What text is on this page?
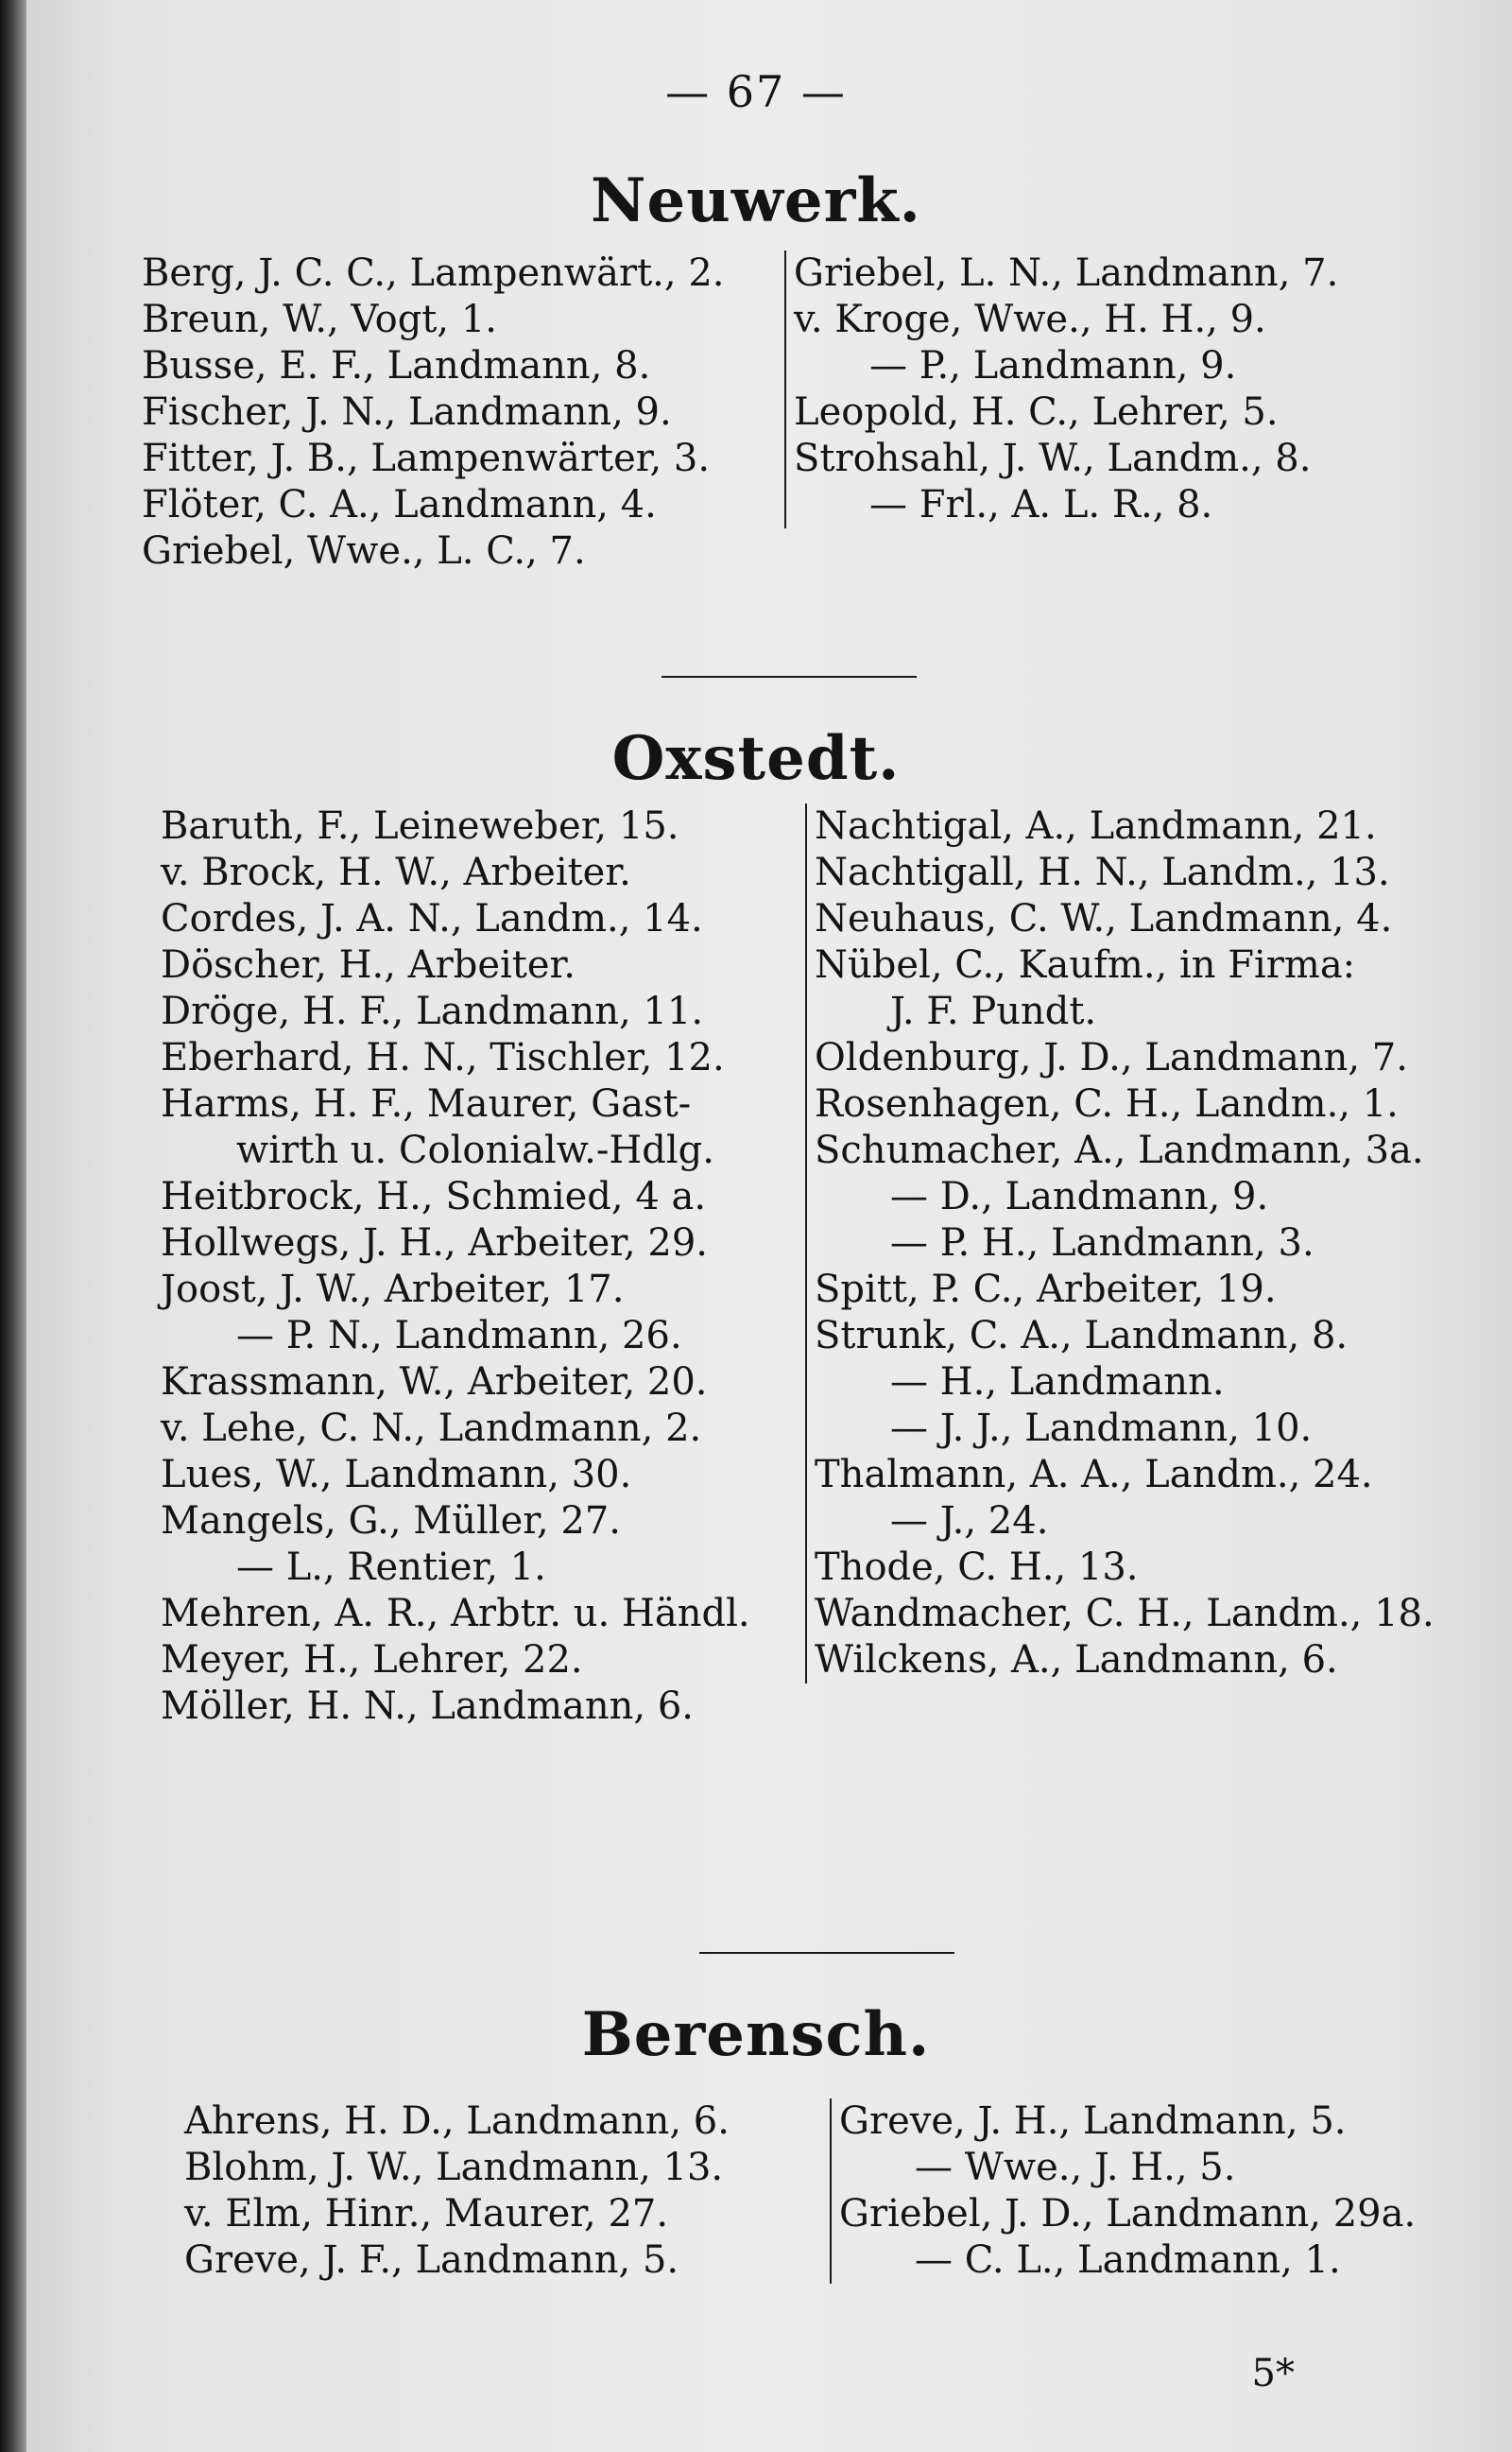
— 67 —
Neuwerk.
Berg, J. C. C., Lampenwärt., 2.
Breun, W., Vogt, 1.
Busse, E. F., Landmann, 8.
Fischer, J. N., Landmann, 9.
Fitter, J. B., Lampenwärter, 3.
Flöter, C. A., Landmann, 4.
Griebel, Wwe., L. C., 7.
Griebel, L. N., Landmann, 7.
v. Kroge, Wwe., H. H., 9.
— P., Landmann, 9.
Leopold, H. C., Lehrer, 5.
Strohsahl, J. W., Landm., 8.
— Frl., A. L. R., 8.
Oxstedt.
Baruth, F., Leineweber, 15.
v. Brock, H. W., Arbeiter.
Cordes, J. A. N., Landm., 14.
Döscher, H., Arbeiter.
Dröge, H. F., Landmann, 11.
Eberhard, H. N., Tischler, 12.
Harms, H. F., Maurer, Gast-
wirth u. Colonialw.-Hdlg.
Heitbrock, H., Schmied, 4 a.
Hollwegs, J. H., Arbeiter, 29.
Joost, J. W., Arbeiter, 17.
— P. N., Landmann, 26.
Krassmann, W., Arbeiter, 20.
v. Lehe, C. N., Landmann, 2.
Lues, W., Landmann, 30.
Mangels, G., Müller, 27.
— L., Rentier, 1.
Mehren, A. R., Arbtr. u. Händl.
Meyer, H., Lehrer, 22.
Möller, H. N., Landmann, 6.
Nachtigal, A., Landmann, 21.
Nachtigall, H. N., Landm., 13.
Neuhaus, C. W., Landmann, 4.
Nübel, C., Kaufm., in Firma:
J. F. Pundt.
Oldenburg, J. D., Landmann, 7.
Rosenhagen, C. H., Landm., 1.
Schumacher, A., Landmann, 3a.
— D., Landmann, 9.
— P. H., Landmann, 3.
Spitt, P. C., Arbeiter, 19.
Strunk, C. A., Landmann, 8.
— H., Landmann.
— J. J., Landmann, 10.
Thalmann, A. A., Landm., 24.
— J., 24.
Thode, C. H., 13.
Wandmacher, C. H., Landm., 18.
Wilckens, A., Landmann, 6.
Berensch.
Ahrens, H. D., Landmann, 6.
Blohm, J. W., Landmann, 13.
v. Elm, Hinr., Maurer, 27.
Greve, J. F., Landmann, 5.
Greve, J. H., Landmann, 5.
— Wwe., J. H., 5.
Griebel, J. D., Landmann, 29a.
— C. L., Landmann, 1.
5*
